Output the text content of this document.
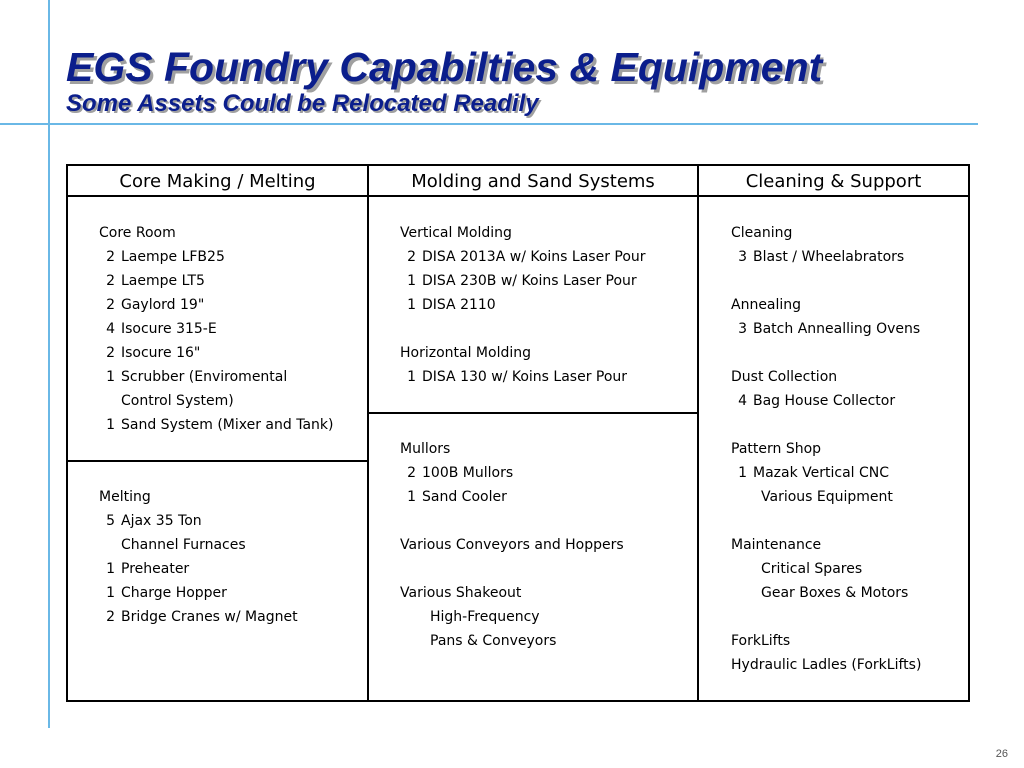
EGS Foundry Capabilties & Equipment
Some Assets Could be Relocated Readily
Core Making / Melting	Molding and Sand Systems	Cleaning & Support
Core Room
2 Laempe LFB25
2 Laempe LT5
2 Gaylord 19"
4 Isocure 315-E
2 Isocure 16"
1 Scrubber (Enviromental
Control System)
1 Sand System (Mixer and Tank)
Melting
5 Ajax 35 Ton
Channel Furnaces
1 Preheater
1 Charge Hopper
2 Bridge Cranes w/ Magnet
Vertical Molding
2 DISA 2013A w/ Koins Laser Pour
1 DISA 230B w/ Koins Laser Pour
1 DISA 2110
Horizontal Molding
1 DISA 130 w/ Koins Laser Pour
Mullors
2 100B Mullors
1 Sand Cooler
Various Conveyors and Hoppers
Various Shakeout
High-Frequency
Pans & Conveyors
Cleaning
3 Blast / Wheelabrators
Annealing
3 Batch Annealling Ovens
Dust Collection
4 Bag House Collector
Pattern Shop
1 Mazak Vertical CNC
Various Equipment
Maintenance
Critical Spares
Gear Boxes & Motors
ForkLifts
Hydraulic Ladles (ForkLifts)
26
